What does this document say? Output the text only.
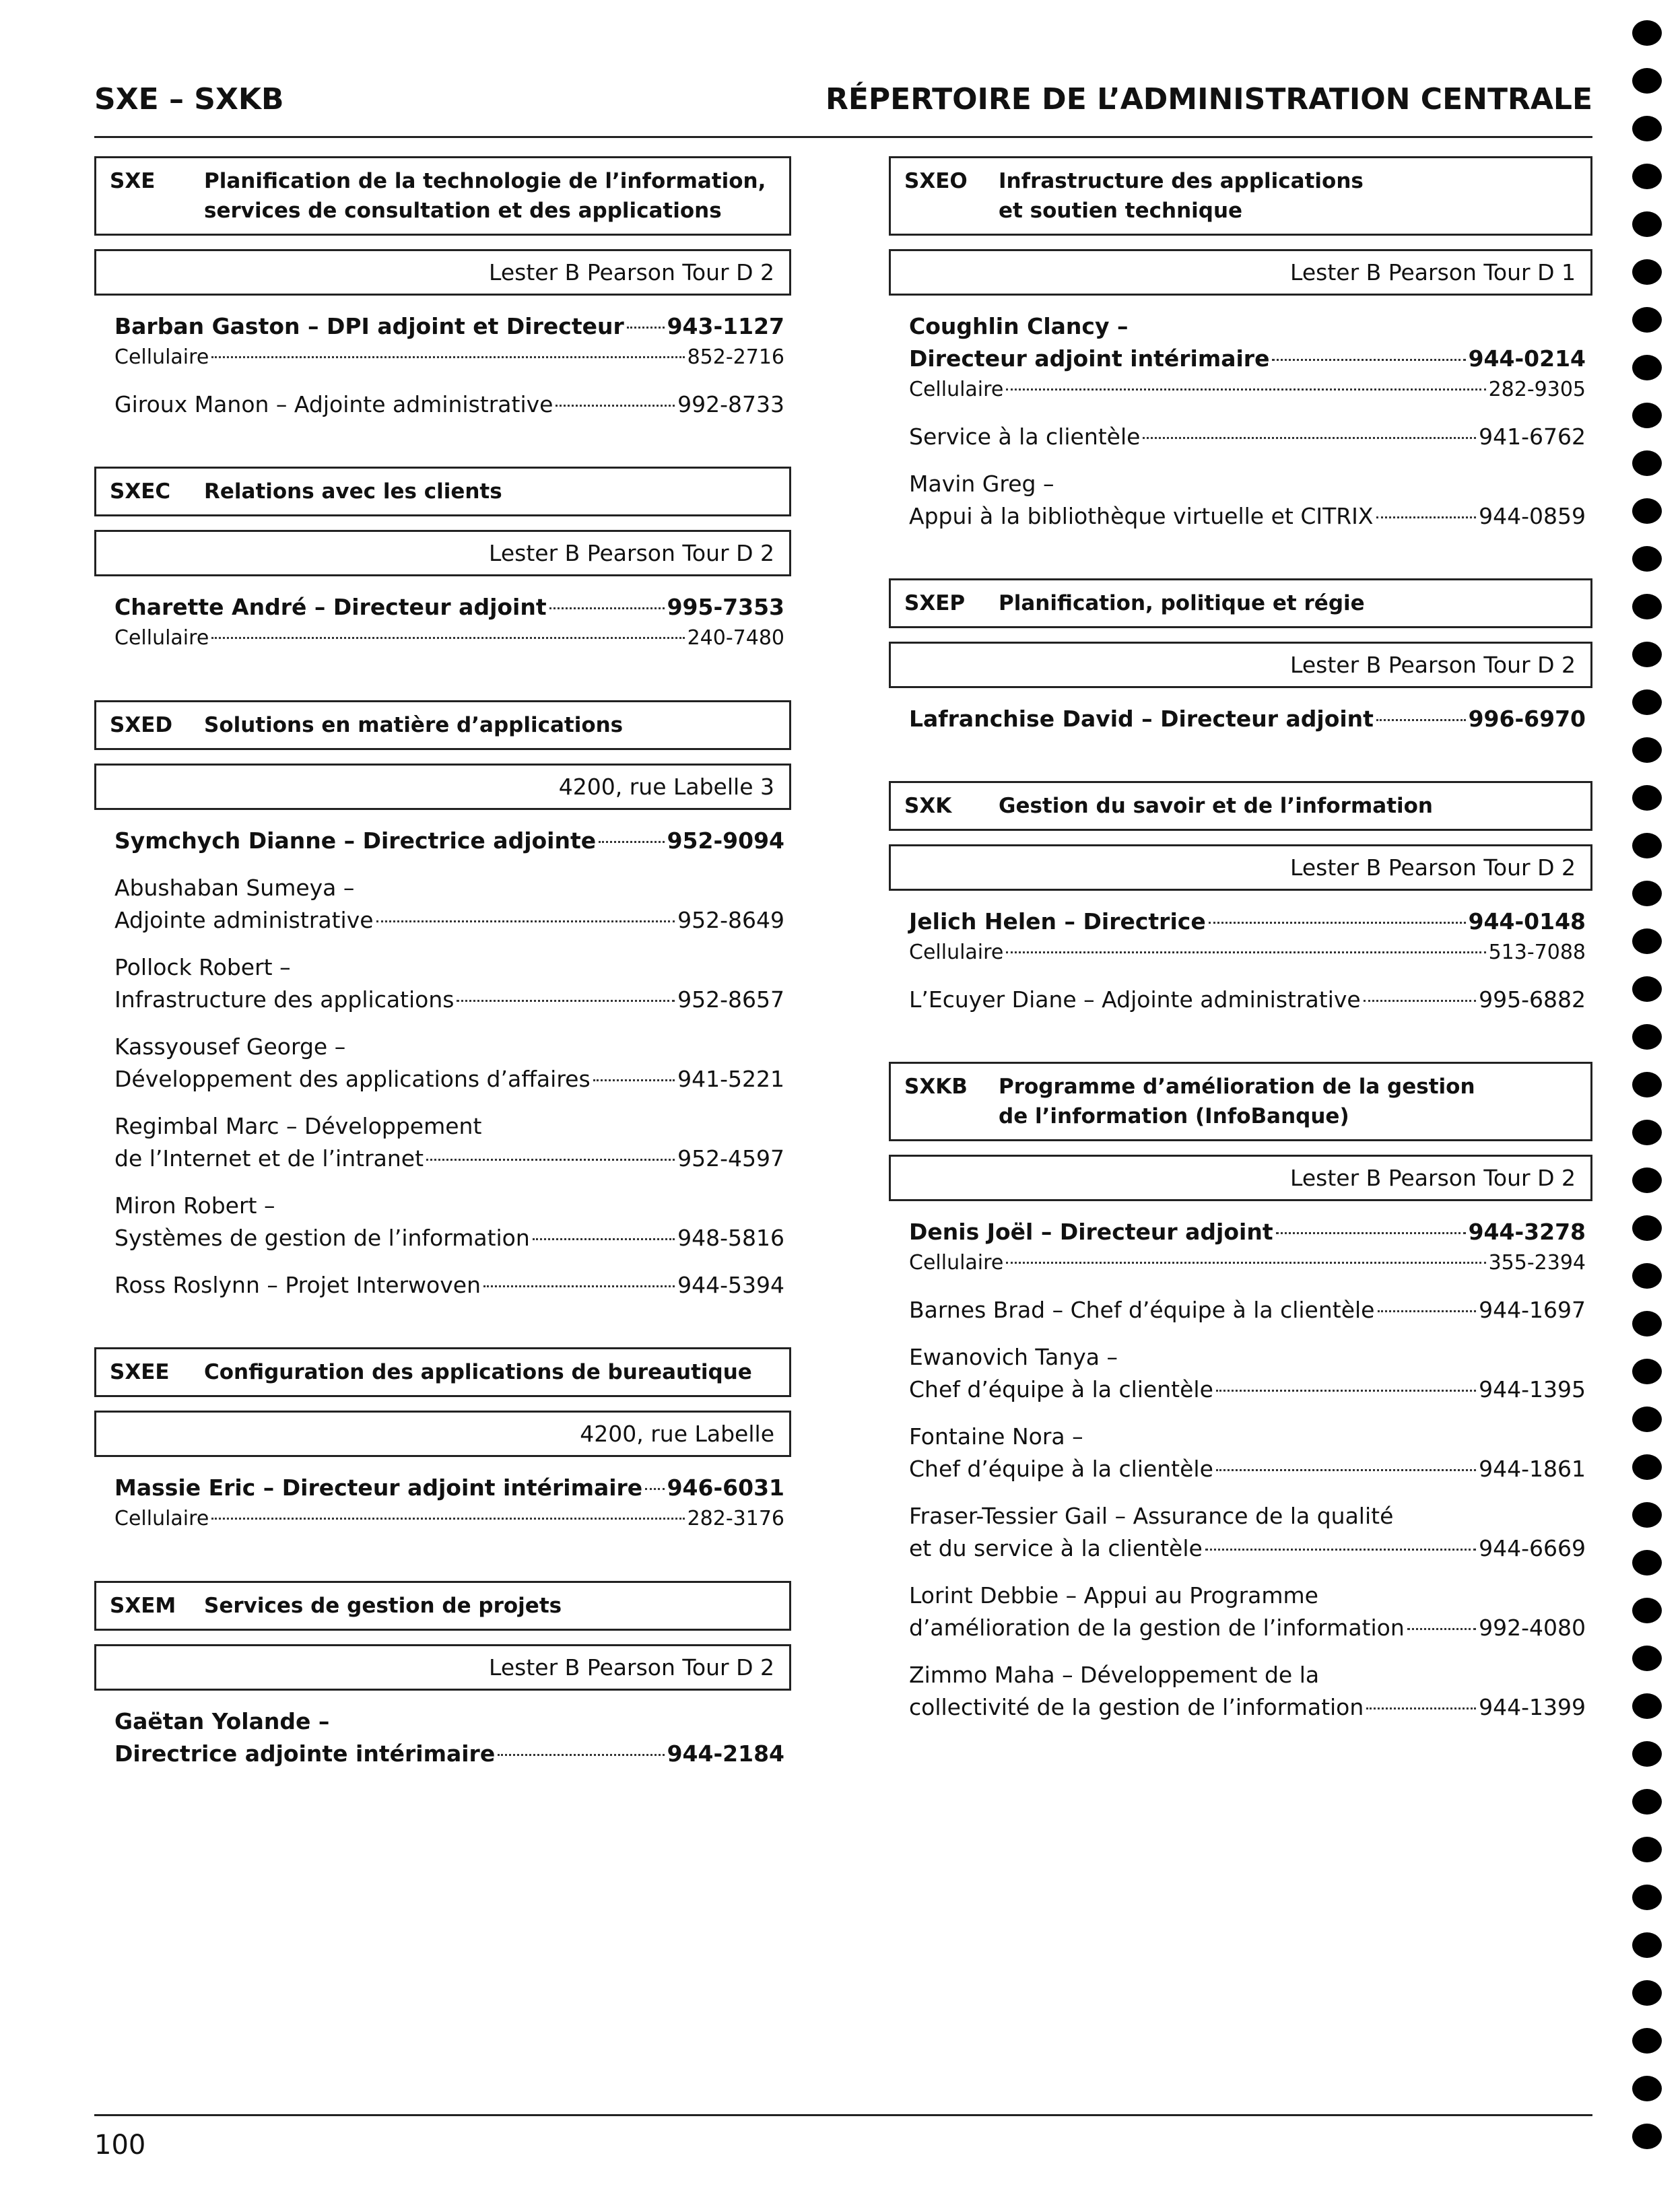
SXE – SXKB	RÉPERTOIRE DE L’ADMINISTRATION CENTRALE
SXE	Planification de la technologie de l’information,
services de consultation et des applications
Lester B Pearson Tour D 2
Barban Gaston – DPI adjoint et Directeur 943-1127
Cellulaire	852-2716
Giroux Manon – Adjointe administrative	992-8733
SXEC	Relations avec les clients
Lester B Pearson Tour D 2
Charette André – Directeur adjoint	995-7353
Cellulaire	240-7480
SXED	Solutions en matière d’applications
4200, rue Labelle 3
Symchych Dianne – Directrice adjointe	952-9094
Abushaban Sumeya –
Adjointe administrative	952-8649
Pollock Robert –
Infrastructure des applications	952-8657
Kassyousef George –
Développement des applications d’affaires	941-5221
Regimbal Marc – Développement
de l’Internet et de l’intranet	952-4597
Miron Robert –
Systèmes de gestion de l’information	948-5816
Ross Roslynn – Projet Interwoven	944-5394
SXEE	Configuration des applications de bureautique
4200, rue Labelle
Massie Eric – Directeur adjoint intérimaire 946-6031
Cellulaire	282-3176
SXEM	Services de gestion de projets
Lester B Pearson Tour D 2
Gaëtan Yolande –
Directrice adjointe intérimaire	944-2184
SXEO	Infrastructure des applications
et soutien technique
Lester B Pearson Tour D 1
Coughlin Clancy –
Directeur adjoint intérimaire	944-0214
Cellulaire	282-9305
Service à la clientèle	941-6762
Mavin Greg –
Appui à la bibliothèque virtuelle et CITRIX	944-0859
SXEP	Planification, politique et régie
Lester B Pearson Tour D 2
Lafranchise David – Directeur adjoint	996-6970
SXK	Gestion du savoir et de l’information
Lester B Pearson Tour D 2
Jelich Helen – Directrice	944-0148
Cellulaire	513-7088
L’Ecuyer Diane – Adjointe administrative	995-6882
SXKB	Programme d’amélioration de la gestion
de l’information (InfoBanque)
Lester B Pearson Tour D 2
Denis Joël – Directeur adjoint	944-3278
Cellulaire	355-2394
Barnes Brad – Chef d’équipe à la clientèle	944-1697
Ewanovich Tanya –
Chef d’équipe à la clientèle	944-1395
Fontaine Nora –
Chef d’équipe à la clientèle	944-1861
Fraser-Tessier Gail – Assurance de la qualité
et du service à la clientèle	944-6669
Lorint Debbie – Appui au Programme
d’amélioration de la gestion de l’information	992-4080
Zimmo Maha – Développement de la
collectivité de la gestion de l’information	944-1399
100
